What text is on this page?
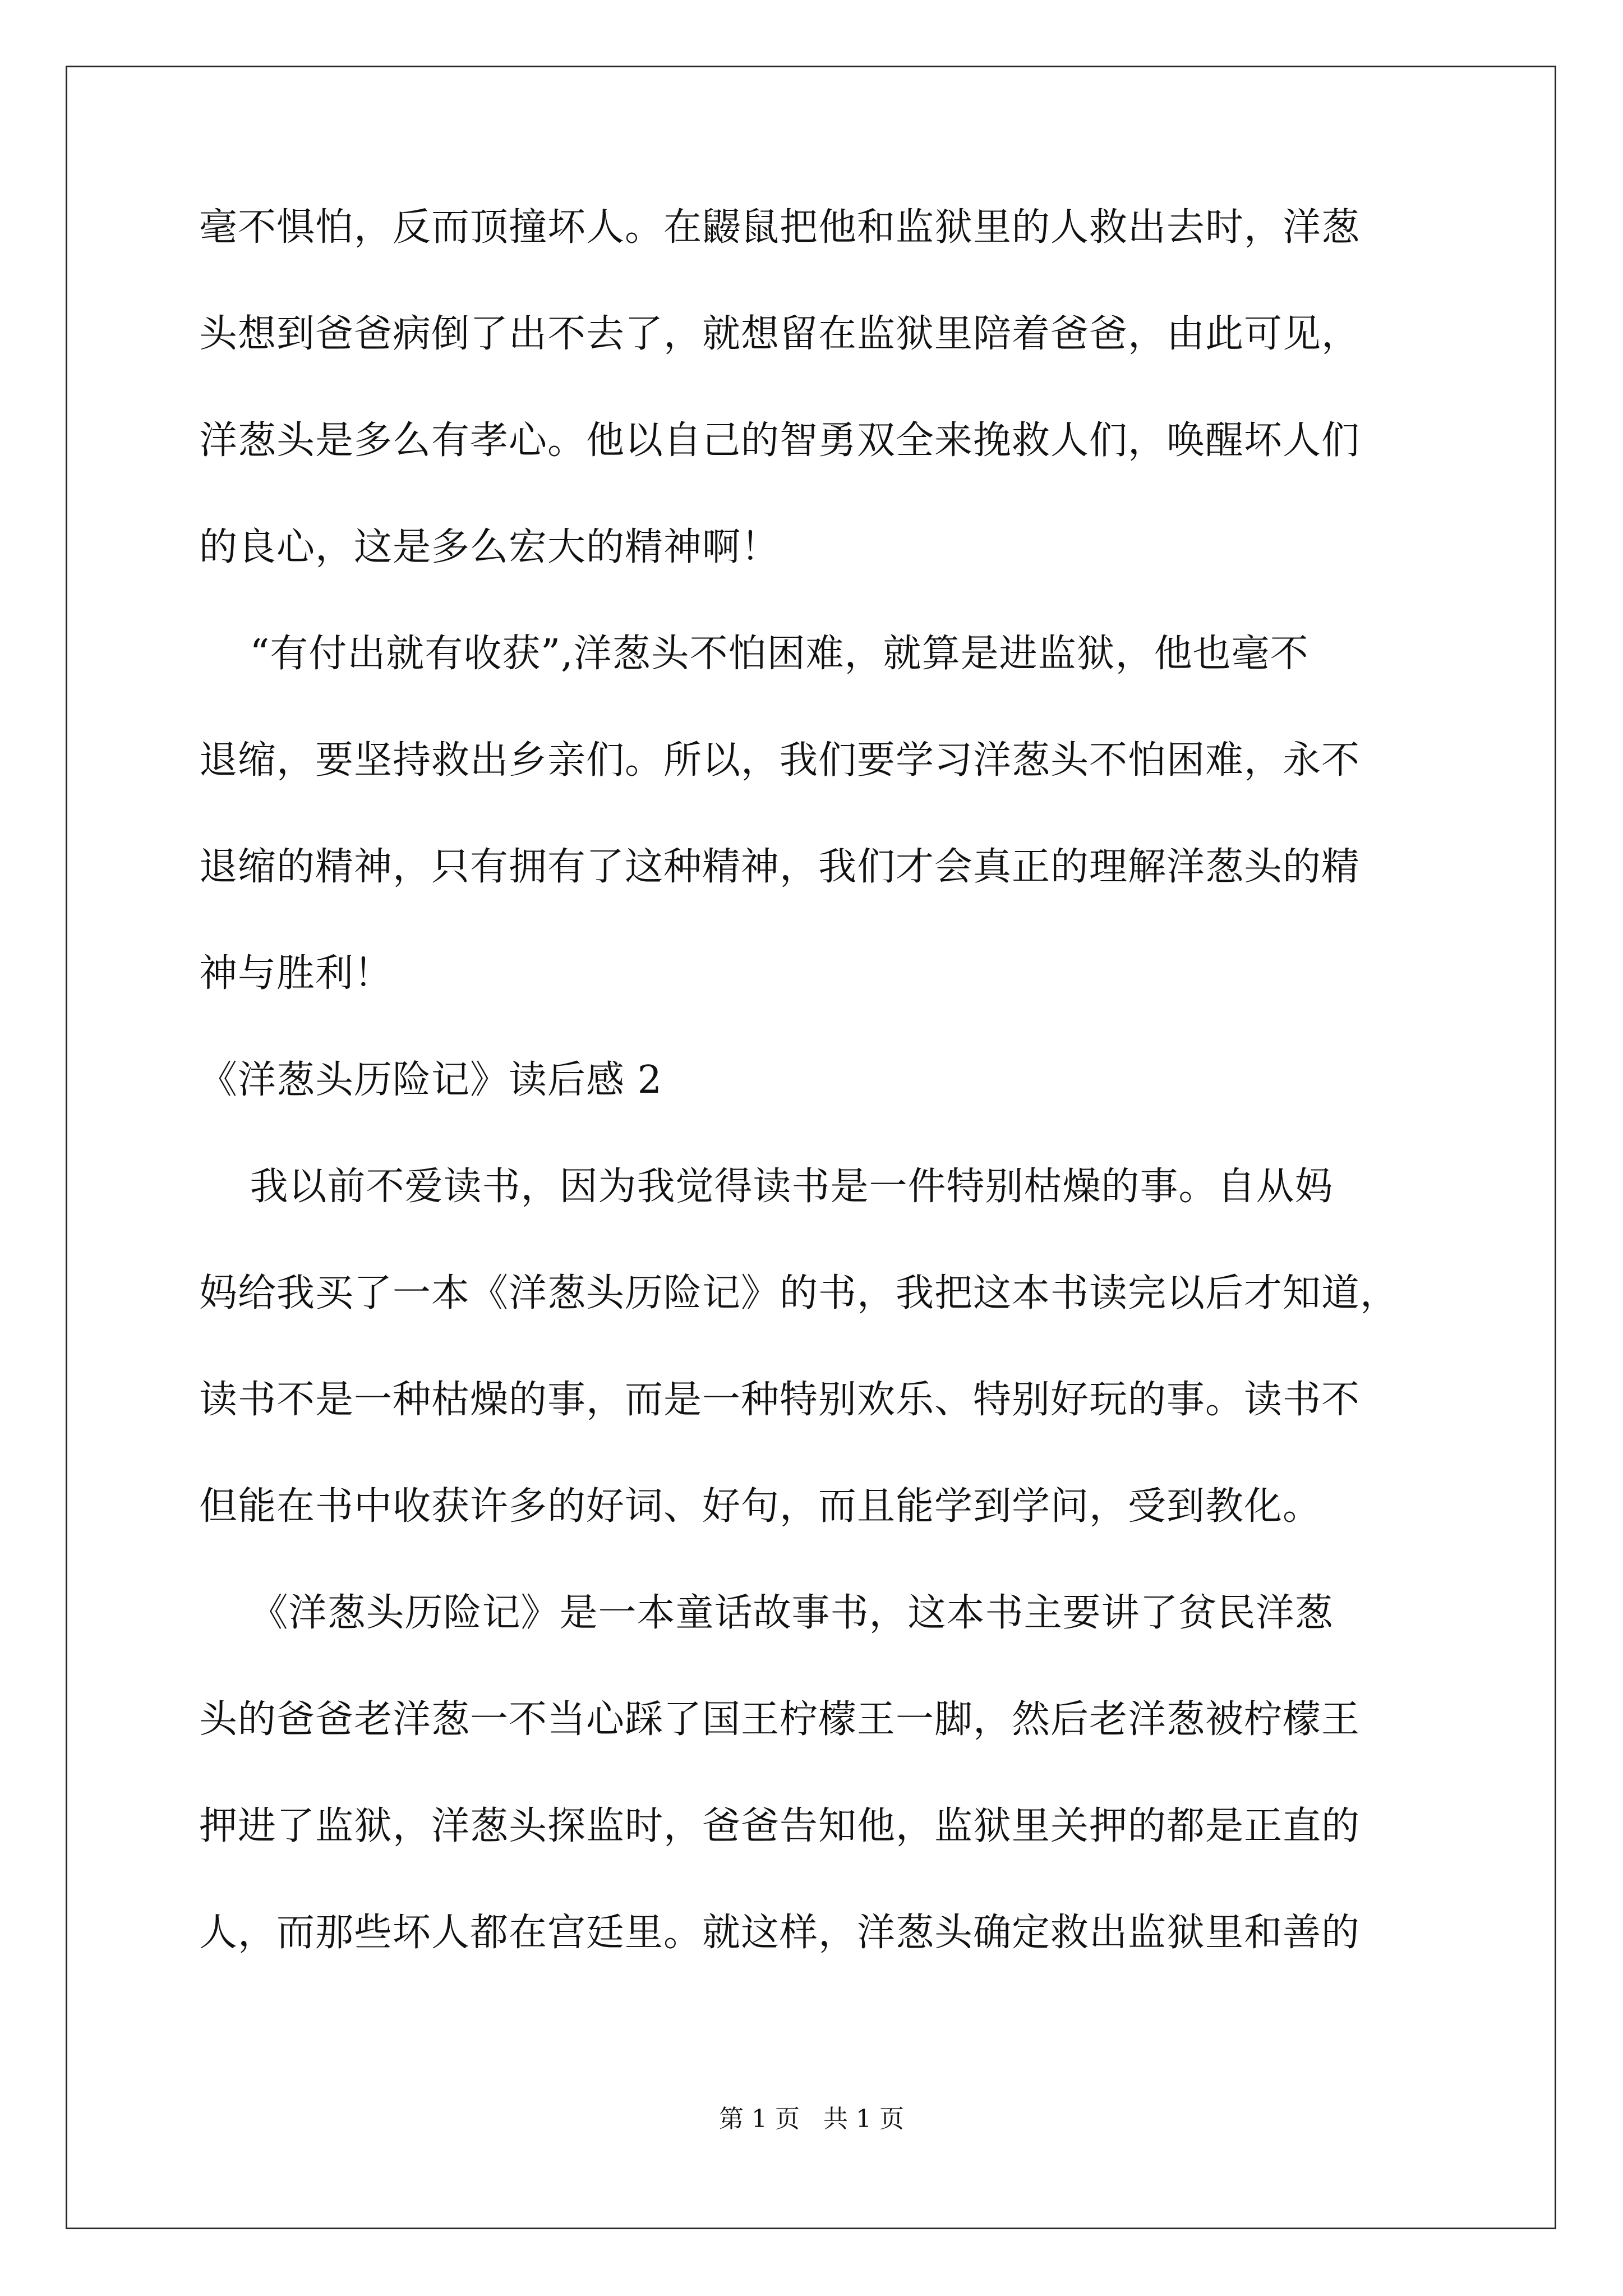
毫不惧怕，反而顶撞坏人。在鼹鼠把他和监狱里的人救出去时，洋葱
头想到爸爸病倒了出不去了，就想留在监狱里陪着爸爸，由此可见，
洋葱头是多么有孝心。他以自己的智勇双全来挽救人们，唤醒坏人们
的良心，这是多么宏大的精神啊！
“有付出就有收获”,洋葱头不怕困难，就算是进监狱，他也毫不
退缩，要坚持救出乡亲们。所以，我们要学习洋葱头不怕困难，永不
退缩的精神，只有拥有了这种精神，我们才会真正的理解洋葱头的精
神与胜利！
《洋葱头历险记》读后感 2
我以前不爱读书，因为我觉得读书是一件特别枯燥的事。自从妈
妈给我买了一本《洋葱头历险记》的书，我把这本书读完以后才知道，
读书不是一种枯燥的事，而是一种特别欢乐、特别好玩的事。读书不
但能在书中收获许多的好词、好句，而且能学到学问，受到教化。
《洋葱头历险记》是一本童话故事书，这本书主要讲了贫民洋葱
头的爸爸老洋葱一不当心踩了国王柠檬王一脚，然后老洋葱被柠檬王
押进了监狱，洋葱头探监时，爸爸告知他，监狱里关押的都是正直的
人，而那些坏人都在宫廷里。就这样，洋葱头确定救出监狱里和善的
第 1 页   共 1 页
